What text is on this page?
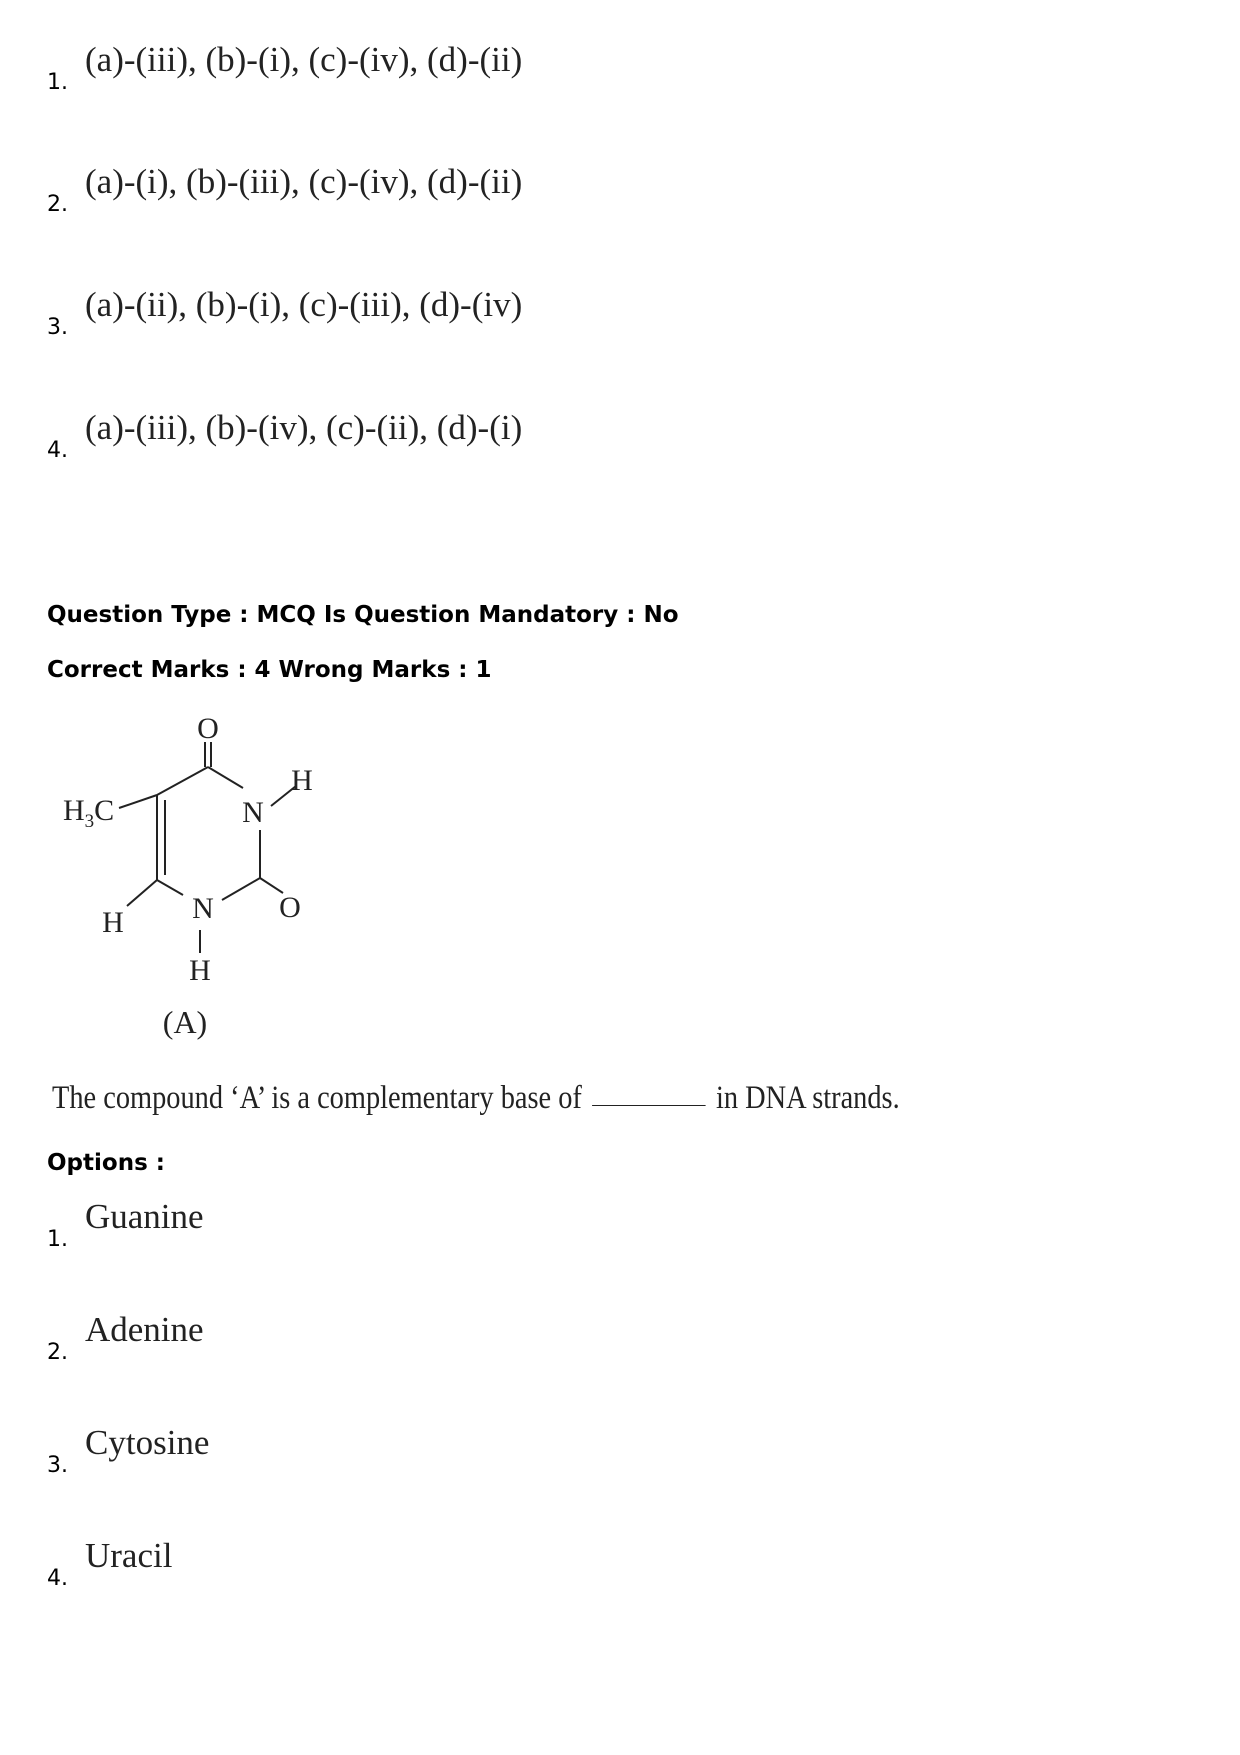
1.
(a)-(iii), (b)-(i), (c)-(iv), (d)-(ii)
2.
(a)-(i), (b)-(iii), (c)-(iv), (d)-(ii)
3.
(a)-(ii), (b)-(i), (c)-(iii), (d)-(iv)
4.
(a)-(iii), (b)-(iv), (c)-(ii), (d)-(i)
Question Type : MCQ Is Question Mandatory : No
Correct Marks : 4 Wrong Marks : 1
O
H
N
$H_3C$
H N
H
O
(A)
The compound ‘A’ is a complementary base of	in DNA strands.
Options :
1.
Guanine
2.
Adenine
3.
Cytosine
4.
Uracil
